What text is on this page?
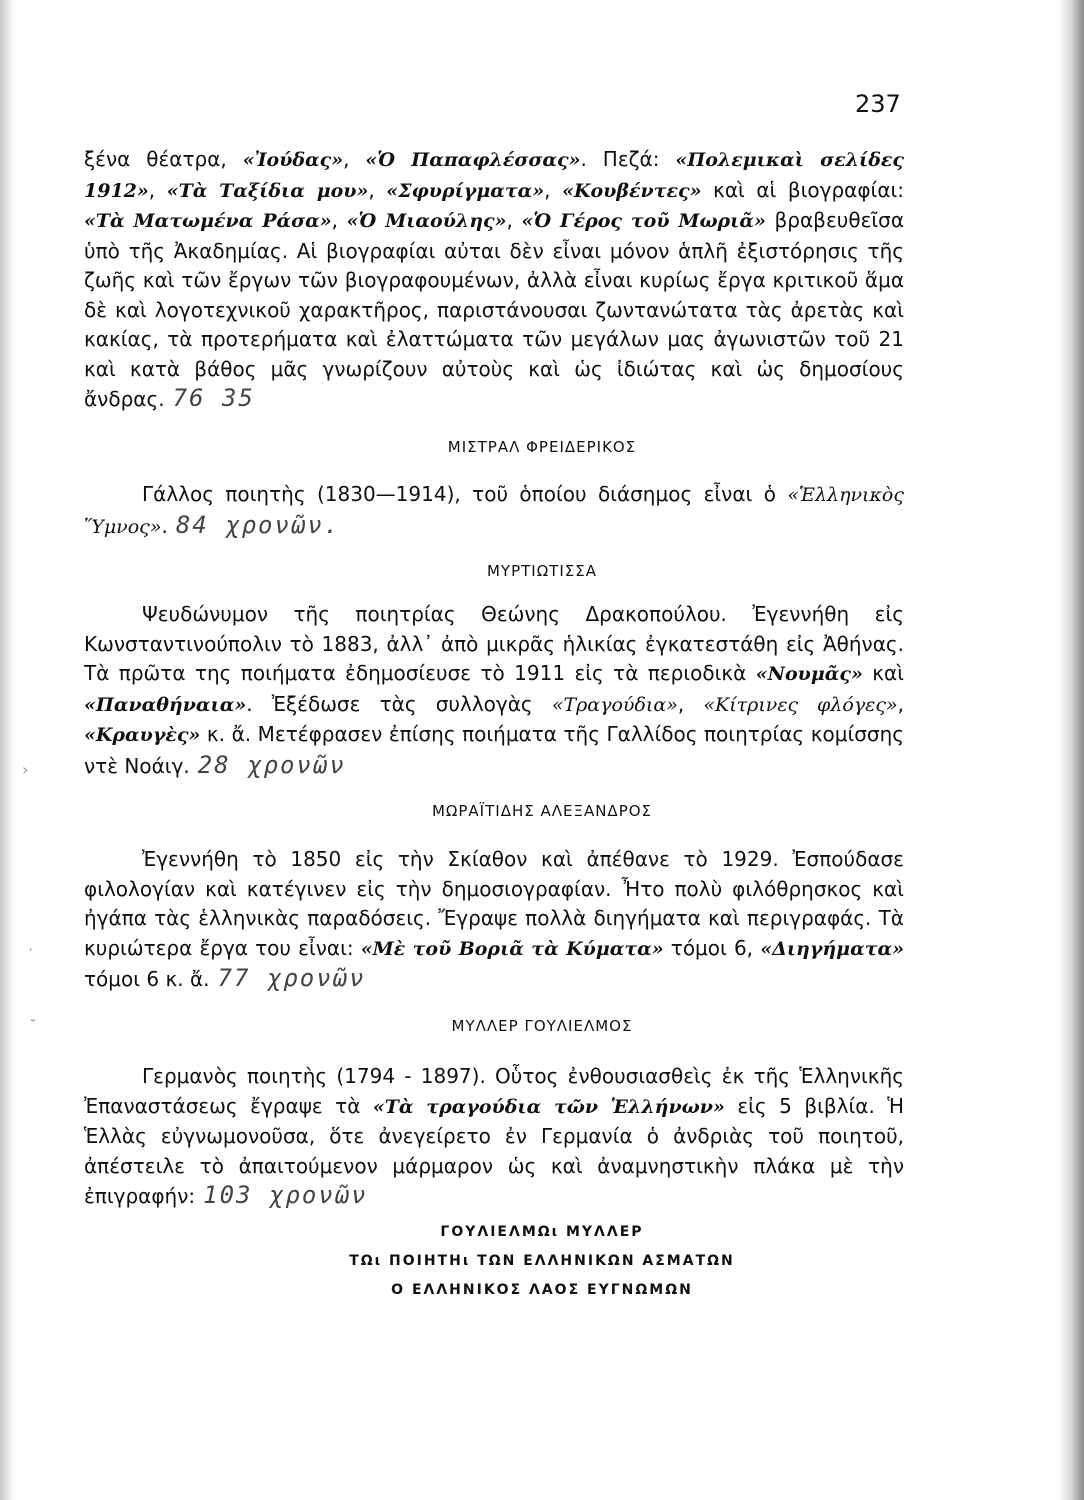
237
ξένα θέατρα, «Ἰούδας», «Ὁ Παπαφλέσσας». Πεζά: «Πολεμικαὶ σελίδες 1912», «Τὰ Ταξίδια μου», «Σφυρίγματα», «Κουβέντες» καὶ αἱ βιογραφίαι: «Τὰ Ματωμένα Ράσα», «Ὁ Μιαούλης», «Ὁ Γέρος τοῦ Μωριᾶ» βραβευθεῖσα ὑπὸ τῆς Ἀκαδημίας. Αἱ βιογραφίαι αὐται δὲν εἶναι μόνον ἁπλῆ ἐξιστόρησις τῆς ζωῆς καὶ τῶν ἔργων τῶν βιογραφουμένων, ἀλλὰ εἶναι κυρίως ἔργα κριτικοῦ ἅμα δὲ καὶ λογοτεχνικοῦ χαρακτῆρος, παριστάνουσαι ζωντανώτατα τὰς ἀρετὰς καὶ κακίας, τὰ προτερήματα καὶ ἐλαττώματα τῶν μεγάλων μας ἀγωνιστῶν τοῦ 21 καὶ κατὰ βάθος μᾶς γνωρίζουν αὐτοὺς καὶ ὡς ἰδιώτας καὶ ὡς δημοσίους ἄνδρας. 76 35
ΜΙΣΤΡΑΛ ΦΡΕΙΔΕΡΙΚΟΣ
Γάλλος ποιητὴς (1830—1914), τοῦ ὁποίου διάσημος εἶναι ὁ «Ἑλληνικὸς Ὕμνος». 84 χρονῶν.
ΜΥΡΤΙΩΤΙΣΣΑ
Ψευδώνυμον τῆς ποιητρίας Θεώνης Δρακοπούλου. Ἐγεννήθη εἰς Κωνσταντινούπολιν τὸ 1883, ἀλλ᾽ ἀπὸ μικρᾶς ἡλικίας ἐγκατεστάθη εἰς Ἀθήνας. Τὰ πρῶτα της ποιήματα ἐδημοσίευσε τὸ 1911 εἰς τὰ περιοδικὰ «Νουμᾶς» καὶ «Παναθήναια». Ἐξέδωσε τὰς συλλογὰς «Τραγούδια», «Κίτρινες φλόγες», «Κραυγὲς» κ. ἄ. Μετέφρασεν ἐπίσης ποιήματα τῆς Γαλλίδος ποιητρίας κομίσσης ντὲ Νοάιγ. 28 χρονῶν
ΜΩΡΑΪΤΙΔΗΣ ΑΛΕΞΑΝΔΡΟΣ
Ἐγεννήθη τὸ 1850 εἰς τὴν Σκίαθον καὶ ἀπέθανε τὸ 1929. Ἐσπούδασε φιλολογίαν καὶ κατέγινεν εἰς τὴν δημοσιογραφίαν. Ἦτο πολὺ φιλόθρησκος καὶ ἠγάπα τὰς ἑλληνικὰς παραδόσεις. Ἔγραψε πολλὰ διηγήματα καὶ περιγραφάς. Τὰ κυριώτερα ἔργα του εἶναι: «Μὲ τοῦ Βοριᾶ τὰ Κύματα» τόμοι 6, «Διηγήματα» τόμοι 6 κ. ἄ. 77 χρονῶν
ΜΥΛΛΕΡ ΓΟΥΛΙΕΛΜΟΣ
Γερμανὸς ποιητὴς (1794 - 1897). Οὗτος ἐνθουσιασθεὶς ἐκ τῆς Ἑλληνικῆς Ἐπαναστάσεως ἔγραψε τὰ «Τὰ τραγούδια τῶν Ἑλλήνων» εἰς 5 βιβλία. Ἡ Ἑλλὰς εὐγνωμονοῦσα, ὅτε ἀνεγείρετο ἐν Γερμανία ὁ ἀνδριὰς τοῦ ποιητοῦ, ἀπέστειλε τὸ ἀπαιτούμενον μάρμαρον ὡς καὶ ἀναμνηστικὴν πλάκα μὲ τὴν ἐπιγραφήν: 103 χρονῶν
ΓΟΥΛΙΕΛΜΩι ΜΥΛΛΕΡ
ΤΩι ΠΟΙΗΤΗι ΤΩΝ ΕΛΛΗΝΙΚΩΝ ΑΣΜΑΤΩΝ
Ο ΕΛΛΗΝΙΚΟΣ ΛΑΟΣ ΕΥΓΝΩΜΩΝ
›
·
-
